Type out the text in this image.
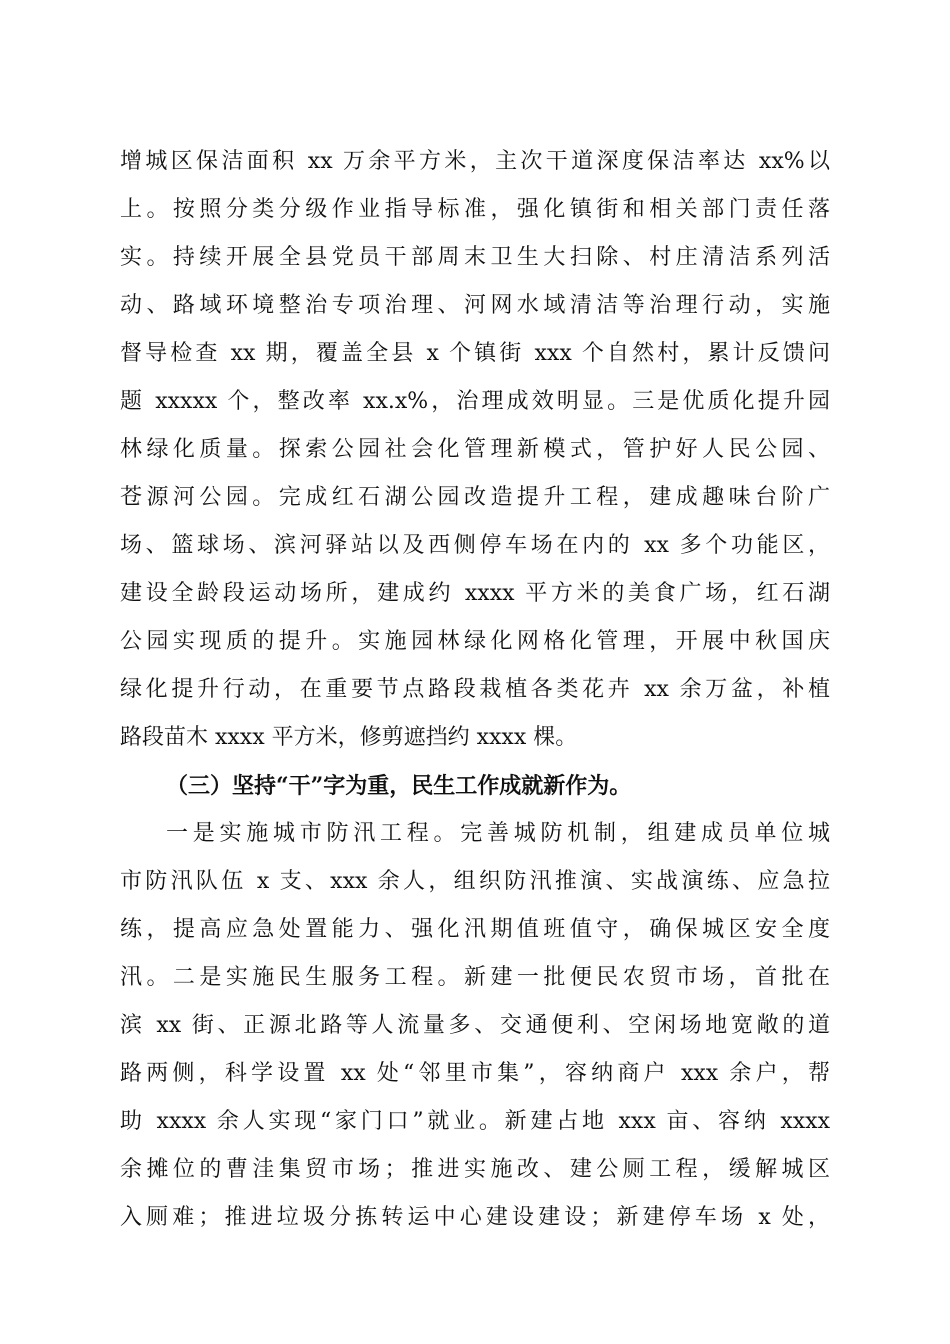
增城区保洁面积 xx 万余平方米，主次干道深度保洁率达 xx%以
上。按照分类分级作业指导标准，强化镇街和相关部门责任落
实。持续开展全县党员干部周末卫生大扫除、村庄清洁系列活
动、路域环境整治专项治理、河网水域清洁等治理行动，实施
督导检查 xx 期，覆盖全县 x 个镇街 xxx 个自然村，累计反馈问
题 xxxxx 个，整改率 xx.x%，治理成效明显。三是优质化提升园
林绿化质量。探索公园社会化管理新模式，管护好人民公园、
苍源河公园。完成红石湖公园改造提升工程，建成趣味台阶广
场、篮球场、滨河驿站以及西侧停车场在内的 xx 多个功能区，
建设全龄段运动场所，建成约 xxxx 平方米的美食广场，红石湖
公园实现质的提升。实施园林绿化网格化管理，开展中秋国庆
绿化提升行动，在重要节点路段栽植各类花卉 xx 余万盆，补植
路段苗木 xxxx 平方米，修剪遮挡约 xxxx 棵。
（三）坚持“干”字为重，民生工作成就新作为。
一是实施城市防汛工程。完善城防机制，组建成员单位城
市防汛队伍 x 支、xxx 余人，组织防汛推演、实战演练、应急拉
练，提高应急处置能力、强化汛期值班值守，确保城区安全度
汛。二是实施民生服务工程。新建一批便民农贸市场，首批在
滨 xx 街、正源北路等人流量多、交通便利、空闲场地宽敞的道
路两侧，科学设置 xx 处“邻里市集”，容纳商户 xxx 余户，帮
助 xxxx 余人实现“家门口”就业。新建占地 xxx 亩、容纳 xxxx
余摊位的曹洼集贸市场；推进实施改、建公厕工程，缓解城区
入厕难；推进垃圾分拣转运中心建设建设；新建停车场 x 处，
